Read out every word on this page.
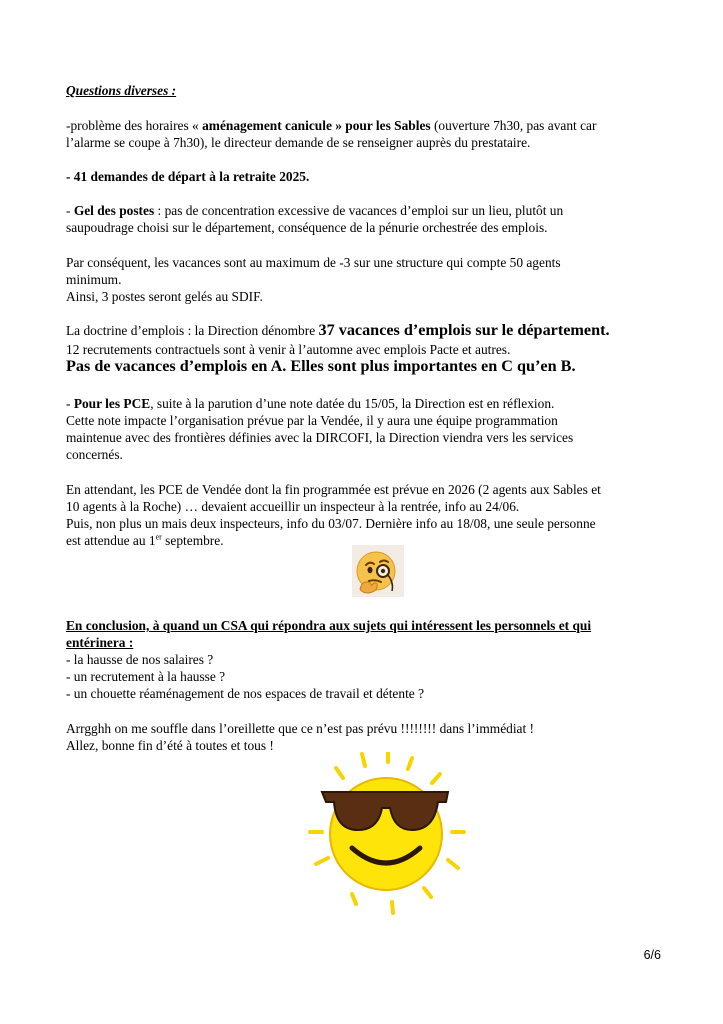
Questions diverses :
-problème des horaires « aménagement canicule » pour les Sables (ouverture 7h30, pas avant car
l’alarme se coupe à 7h30), le directeur demande de se renseigner auprès du prestataire.
- 41 demandes de départ à la retraite 2025.
- Gel des postes : pas de concentration excessive de vacances d’emploi sur un lieu, plutôt un
saupoudrage choisi sur le département, conséquence de la pénurie orchestrée des emplois.
Par conséquent, les vacances sont au maximum de -3 sur une structure qui compte 50 agents
minimum.
Ainsi, 3 postes seront gelés au SDIF.
La doctrine d’emplois : la Direction dénombre 37 vacances d’emplois sur le département.
12 recrutements contractuels sont à venir à l’automne avec emplois Pacte et autres.
Pas de vacances d’emplois en A. Elles sont plus importantes en C qu’en B.
- Pour les PCE, suite à la parution d’une note datée du 15/05, la Direction est en réflexion.
Cette note impacte l’organisation prévue par la Vendée, il y aura une équipe programmation
maintenue avec des frontières définies avec la DIRCOFI, la Direction viendra vers les services
concernés.
En attendant, les PCE de Vendée dont la fin programmée est prévue en 2026 (2 agents aux Sables et
10 agents à la Roche) … devaient accueillir un inspecteur à la rentrée, info au 24/06.
Puis, non plus un mais deux inspecteurs, info du 03/07. Dernière info au 18/08, une seule personne
est attendue au 1er septembre.
En conclusion, à quand un CSA qui répondra aux sujets qui intéressent les personnels et qui
entérinera :
- la hausse de nos salaires ?
- un recrutement à la hausse ?
- un chouette réaménagement de nos espaces de travail et détente ?
Arrgghh on me souffle dans l’oreillette que ce n’est pas prévu !!!!!!!! dans l’immédiat !
Allez, bonne fin d’été à toutes et tous !
6/6
